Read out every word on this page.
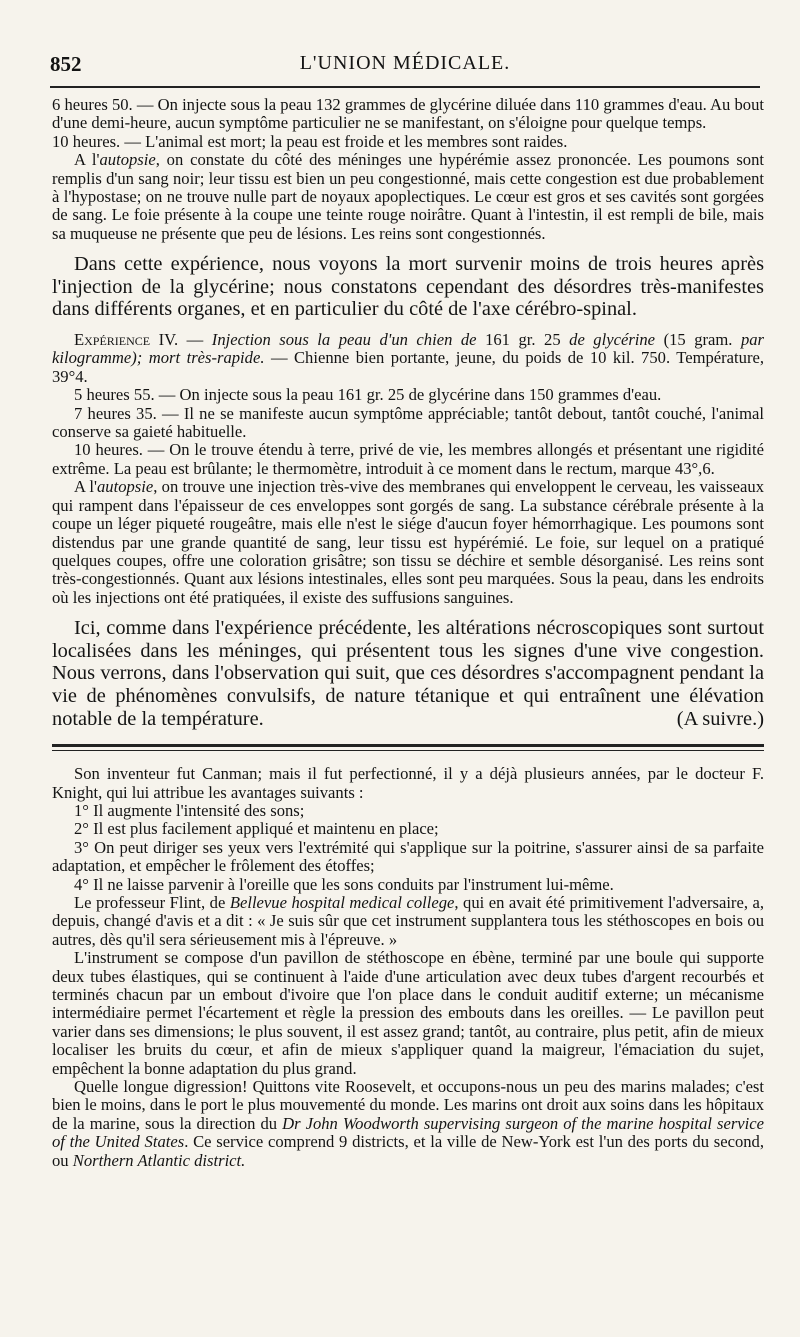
852	L'UNION MÉDICALE.

6 heures 50. — On injecte sous la peau 132 grammes de glycérine diluée dans 110 grammes d'eau. Au bout d'une demi-heure, aucun symptôme particulier ne se manifestant, on s'éloigne pour quelque temps.

10 heures. — L'animal est mort; la peau est froide et les membres sont raides.

A l'autopsie, on constate du côté des méninges une hypérémie assez prononcée. Les poumons sont remplis d'un sang noir; leur tissu est bien un peu congestionné, mais cette congestion est due probablement à l'hypostase; on ne trouve nulle part de noyaux apoplectiques. Le cœur est gros et ses cavités sont gorgées de sang. Le foie présente à la coupe une teinte rouge noirâtre. Quant à l'intestin, il est rempli de bile, mais sa muqueuse ne présente que peu de lésions. Les reins sont congestionnés.

Dans cette expérience, nous voyons la mort survenir moins de trois heures après l'injection de la glycérine; nous constatons cependant des désordres très-manifestes dans différents organes, et en particulier du côté de l'axe cérébro-spinal.

Expérience IV. — Injection sous la peau d'un chien de 161 gr. 25 de glycérine (15 gram. par kilogramme); mort très-rapide. — Chienne bien portante, jeune, du poids de 10 kil. 750. Température, 39°4.

5 heures 55. — On injecte sous la peau 161 gr. 25 de glycérine dans 150 grammes d'eau.

7 heures 35. — Il ne se manifeste aucun symptôme appréciable; tantôt debout, tantôt couché, l'animal conserve sa gaieté habituelle.

10 heures. — On le trouve étendu à terre, privé de vie, les membres allongés et présentant une rigidité extrême. La peau est brûlante; le thermomètre, introduit à ce moment dans le rectum, marque 43°,6.

A l'autopsie, on trouve une injection très-vive des membranes qui enveloppent le cerveau, les vaisseaux qui rampent dans l'épaisseur de ces enveloppes sont gorgés de sang. La substance cérébrale présente à la coupe un léger piqueté rougeâtre, mais elle n'est le siége d'aucun foyer hémorrhagique. Les poumons sont distendus par une grande quantité de sang, leur tissu est hypérémié. Le foie, sur lequel on a pratiqué quelques coupes, offre une coloration grisâtre; son tissu se déchire et semble désorganisé. Les reins sont très-congestionnés. Quant aux lésions intestinales, elles sont peu marquées. Sous la peau, dans les endroits où les injections ont été pratiquées, il existe des suffusions sanguines.

Ici, comme dans l'expérience précédente, les altérations nécroscopiques sont surtout localisées dans les méninges, qui présentent tous les signes d'une vive congestion. Nous verrons, dans l'observation qui suit, que ces désordres s'accompagnent pendant la vie de phénomènes convulsifs, de nature tétanique et qui entraînent une élévation notable de la température.	(A suivre.)

Son inventeur fut Canman; mais il fut perfectionné, il y a déjà plusieurs années, par le docteur F. Knight, qui lui attribue les avantages suivants :

1° Il augmente l'intensité des sons;

2° Il est plus facilement appliqué et maintenu en place;

3° On peut diriger ses yeux vers l'extrémité qui s'applique sur la poitrine, s'assurer ainsi de sa parfaite adaptation, et empêcher le frôlement des étoffes;

4° Il ne laisse parvenir à l'oreille que les sons conduits par l'instrument lui-même.

Le professeur Flint, de Bellevue hospital medical college, qui en avait été primitivement l'adversaire, a, depuis, changé d'avis et a dit : « Je suis sûr que cet instrument supplantera tous les stéthoscopes en bois ou autres, dès qu'il sera sérieusement mis à l'épreuve. »

L'instrument se compose d'un pavillon de stéthoscope en ébène, terminé par une boule qui supporte deux tubes élastiques, qui se continuent à l'aide d'une articulation avec deux tubes d'argent recourbés et terminés chacun par un embout d'ivoire que l'on place dans le conduit auditif externe; un mécanisme intermédiaire permet l'écartement et règle la pression des embouts dans les oreilles. — Le pavillon peut varier dans ses dimensions; le plus souvent, il est assez grand; tantôt, au contraire, plus petit, afin de mieux localiser les bruits du cœur, et afin de mieux s'appliquer quand la maigreur, l'émaciation du sujet, empêchent la bonne adaptation du plus grand.

Quelle longue digression! Quittons vite Roosevelt, et occupons-nous un peu des marins malades; c'est bien le moins, dans le port le plus mouvementé du monde. Les marins ont droit aux soins dans les hôpitaux de la marine, sous la direction du Dr John Woodworth supervising surgeon of the marine hospital service of the United States. Ce service comprend 9 districts, et la ville de New-York est l'un des ports du second, ou Northern Atlantic district.
